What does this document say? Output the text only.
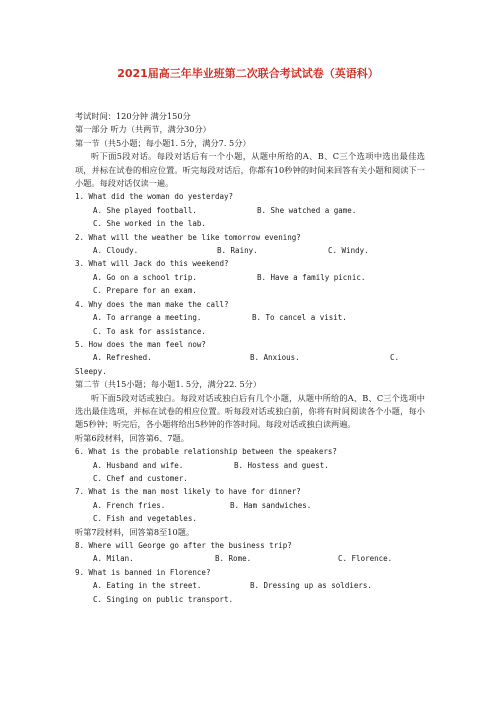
2021届高三年毕业班第二次联合考试试卷（英语科）
考试时间：120分钟 满分150分
第一部分 听力（共两节，满分30分）
第一节（共5小题；每小题1. 5分，满分7. 5分）
听下面5段对话。每段对话后有一个小题，从题中所给的A、B、C三个选项中选出最佳选项，并标在试卷的相应位置。听完每段对话后，你都有10秒钟的时间来回答有关小题和阅读下一小题。每段对话仅读一遍。
1. What did the woman do yesterday?
A. She played football.	B. She watched a game.
C. She worked in the lab.
2. What will the weather be like tomorrow evening?
A. Cloudy.	B. Rainy.	C. Windy.
3. What will Jack do this weekend?
A. Go on a school trip.	B. Have a family picnic.
C. Prepare for an exam.
4. Why does the man make the call?
A. To arrange a meeting.	B. To cancel a visit.
C. To ask for assistance.
5. How does the man feel now?
A. Refreshed.	B. Anxious.	C.
Sleepy.
第二节（共15小题；每小题1. 5分，满分22. 5分）
听下面5段对话或独白。每段对话或独白后有几个小题，从题中所给的A、B、C三个选项中选出最佳选项，并标在试卷的相应位置。听每段对话或独白前，你将有时间阅读各个小题，每小题5秒钟；听完后，各小题将给出5秒钟的作答时间。每段对话或独白读两遍。
听第6段材料，回答第6、7题。
6. What is the probable relationship between the speakers?
A. Husband and wife.	B. Hostess and guest.
C. Chef and customer.
7. What is the man most likely to have for dinner?
A. French fries.	B. Ham sandwiches.
C. Fish and vegetables.
听第7段材料，回答第8至10题。
8. Where will George go after the business trip?
A. Milan.	B. Rome.	C. Florence.
9. What is banned in Florence?
A. Eating in the street.	B. Dressing up as soldiers.
C. Singing on public transport.
